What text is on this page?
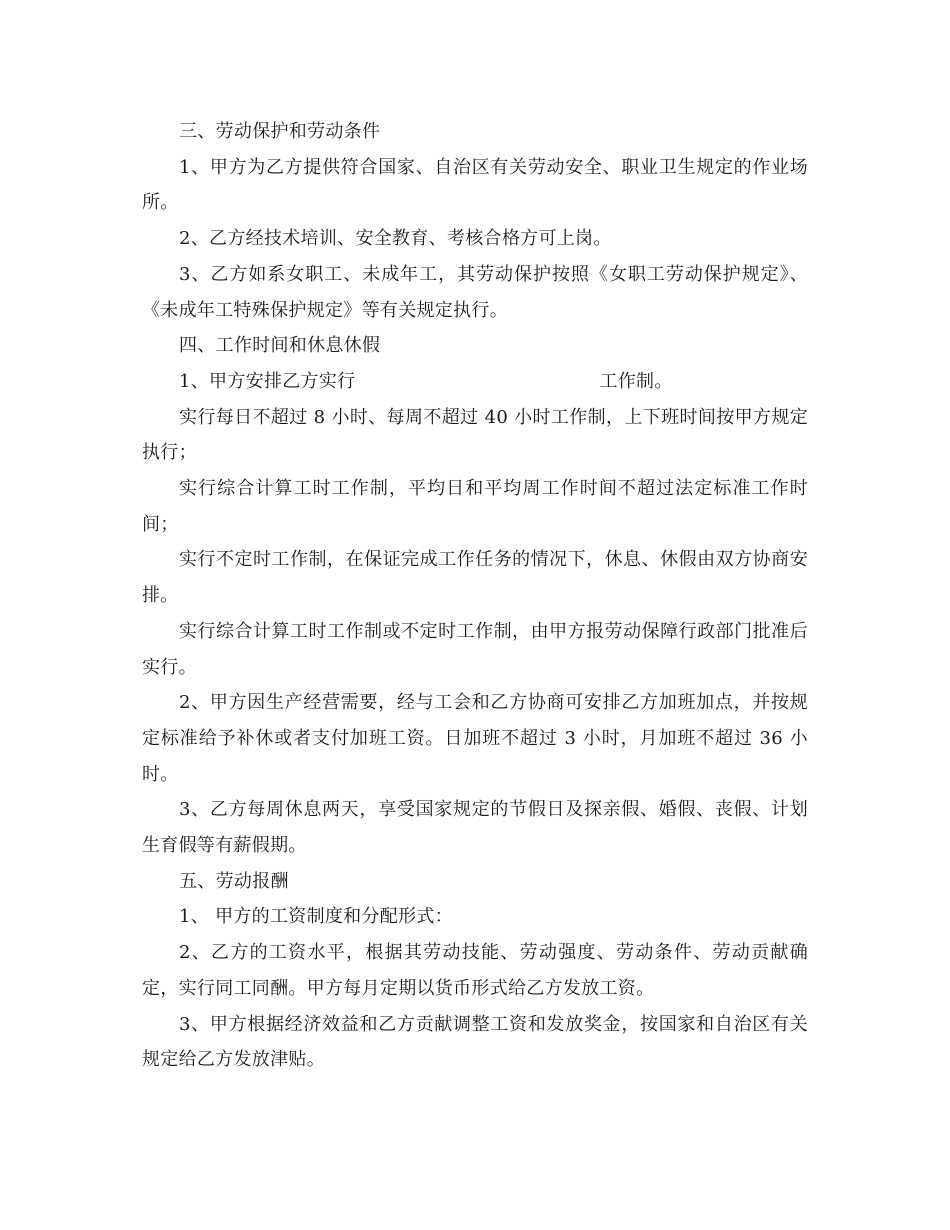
三、劳动保护和劳动条件

1、甲方为乙方提供符合国家、自治区有关劳动安全、职业卫生规定的作业场所。

2、乙方经技术培训、安全教育、考核合格方可上岗。

3、乙方如系女职工、未成年工，其劳动保护按照《女职工劳动保护规定》、《未成年工特殊保护规定》等有关规定执行。

四、工作时间和休息休假

1、甲方安排乙方实行	工作制。

实行每日不超过 8 小时、每周不超过 40 小时工作制，上下班时间按甲方规定执行；

实行综合计算工时工作制，平均日和平均周工作时间不超过法定标准工作时间；

实行不定时工作制，在保证完成工作任务的情况下，休息、休假由双方协商安排。

实行综合计算工时工作制或不定时工作制，由甲方报劳动保障行政部门批准后实行。

2、甲方因生产经营需要，经与工会和乙方协商可安排乙方加班加点，并按规定标准给予补休或者支付加班工资。日加班不超过 3 小时，月加班不超过 36 小时。

3、乙方每周休息两天，享受国家规定的节假日及探亲假、婚假、丧假、计划生育假等有薪假期。

五、劳动报酬

1、 甲方的工资制度和分配形式：

2、乙方的工资水平，根据其劳动技能、劳动强度、劳动条件、劳动贡献确定，实行同工同酬。甲方每月定期以货币形式给乙方发放工资。

3、甲方根据经济效益和乙方贡献调整工资和发放奖金，按国家和自治区有关规定给乙方发放津贴。
